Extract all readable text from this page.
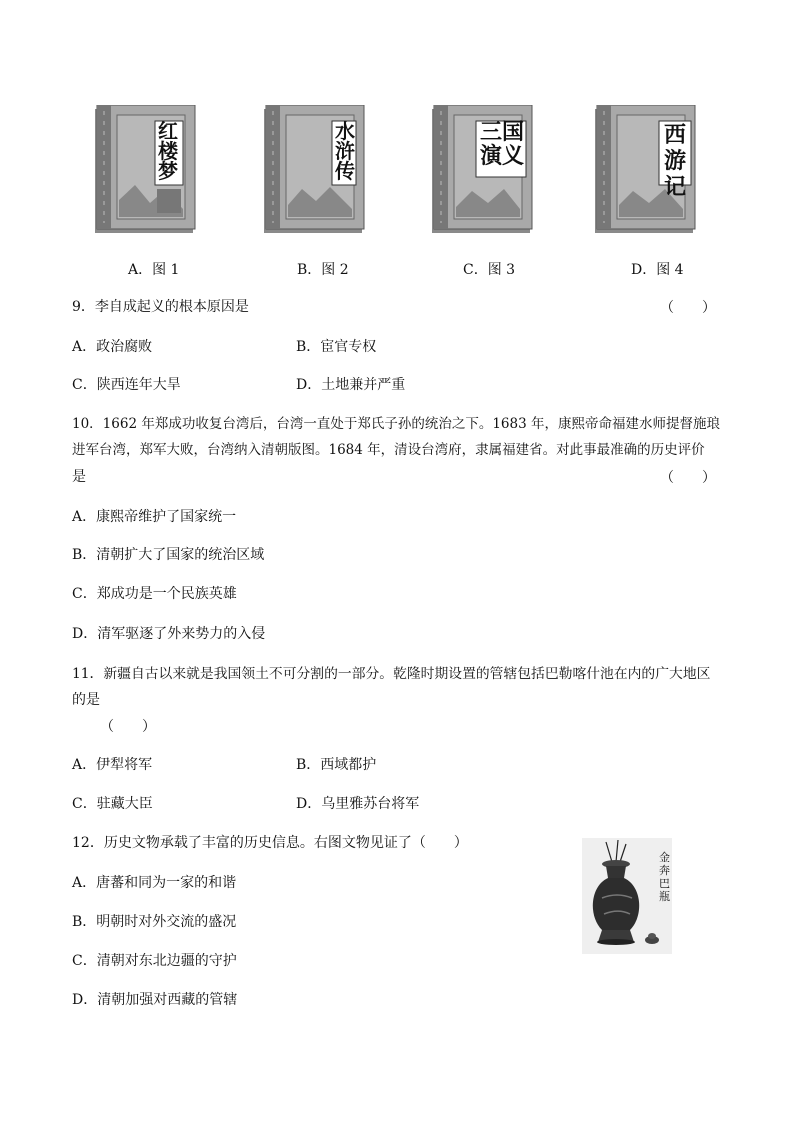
红楼梦
水浒传
三国演义
西游记
A．图 1	B．图 2	C．图 3	D．图 4
9．李自成起义的根本原因是	（　　）
A．政治腐败	B．宦官专权
C．陕西连年大旱	D．土地兼并严重
10．1662 年郑成功收复台湾后，台湾一直处于郑氏子孙的统治之下。1683 年，康熙帝命福建水师提督施琅
进军台湾，郑军大败，台湾纳入清朝版图。1684 年，清设台湾府，隶属福建省。对此事最准确的历史评价
是	（　　）
A．康熙帝维护了国家统一
B．清朝扩大了国家的统治区域
C．郑成功是一个民族英雄
D．清军驱逐了外来势力的入侵
11．新疆自古以来就是我国领土不可分割的一部分。乾隆时期设置的管辖包括巴勒喀什池在内的广大地区
的是
（　　）
A．伊犁将军	B．西域都护
C．驻藏大臣	D．乌里雅苏台将军
12．历史文物承载了丰富的历史信息。右图文物见证了（　　）
A．唐蕃和同为一家的和谐
B．明朝时对外交流的盛况
C．清朝对东北边疆的守护
D．清朝加强对西藏的管辖
金奔巴瓶
